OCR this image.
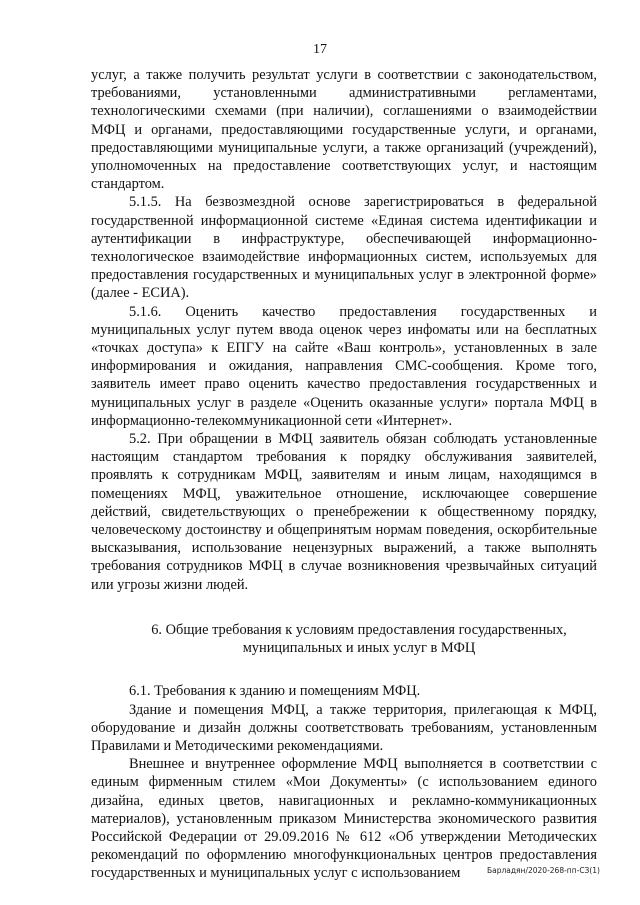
17

услуг, а также получить результат услуги в соответствии с законодательством, требованиями, установленными административными регламентами, технологическими схемами (при наличии), соглашениями о взаимодействии МФЦ и органами, предоставляющими государственные услуги, и органами, предоставляющими муниципальные услуги, а также организаций (учреждений), уполномоченных на предоставление соответствующих услуг, и настоящим стандартом.

5.1.5. На безвозмездной основе зарегистрироваться в федеральной государственной информационной системе «Единая система идентификации и аутентификации в инфраструктуре, обеспечивающей информационно-технологическое взаимодействие информационных систем, используемых для предоставления государственных и муниципальных услуг в электронной форме» (далее - ЕСИА).

5.1.6. Оценить качество предоставления государственных и муниципальных услуг путем ввода оценок через инфоматы или на бесплатных «точках доступа» к ЕПГУ на сайте «Ваш контроль», установленных в зале информирования и ожидания, направления СМС-сообщения. Кроме того, заявитель имеет право оценить качество предоставления государственных и муниципальных услуг в разделе «Оценить оказанные услуги» портала МФЦ в информационно-телекоммуникационной сети «Интернет».

5.2. При обращении в МФЦ заявитель обязан соблюдать установленные настоящим стандартом требования к порядку обслуживания заявителей, проявлять к сотрудникам МФЦ, заявителям и иным лицам, находящимся в помещениях МФЦ, уважительное отношение, исключающее совершение действий, свидетельствующих о пренебрежении к общественному порядку, человеческому достоинству и общепринятым нормам поведения, оскорбительные высказывания, использование нецензурных выражений, а также выполнять требования сотрудников МФЦ в случае возникновения чрезвычайных ситуаций или угрозы жизни людей.

6. Общие требования к условиям предоставления государственных,
муниципальных и иных услуг в МФЦ

6.1. Требования к зданию и помещениям МФЦ.

Здание и помещения МФЦ, а также территория, прилегающая к МФЦ, оборудование и дизайн должны соответствовать требованиям, установленным Правилами и Методическими рекомендациями.

Внешнее и внутреннее оформление МФЦ выполняется в соответствии с единым фирменным стилем «Мои Документы» (с использованием единого дизайна, единых цветов, навигационных и рекламно-коммуникационных материалов), установленным приказом Министерства экономического развития Российской Федерации от 29.09.2016 № 612 «Об утверждении Методических рекомендаций по оформлению многофункциональных центров предоставления государственных и муниципальных услуг с использованием	Барладян/2020-268-пп-СЗ(1)
